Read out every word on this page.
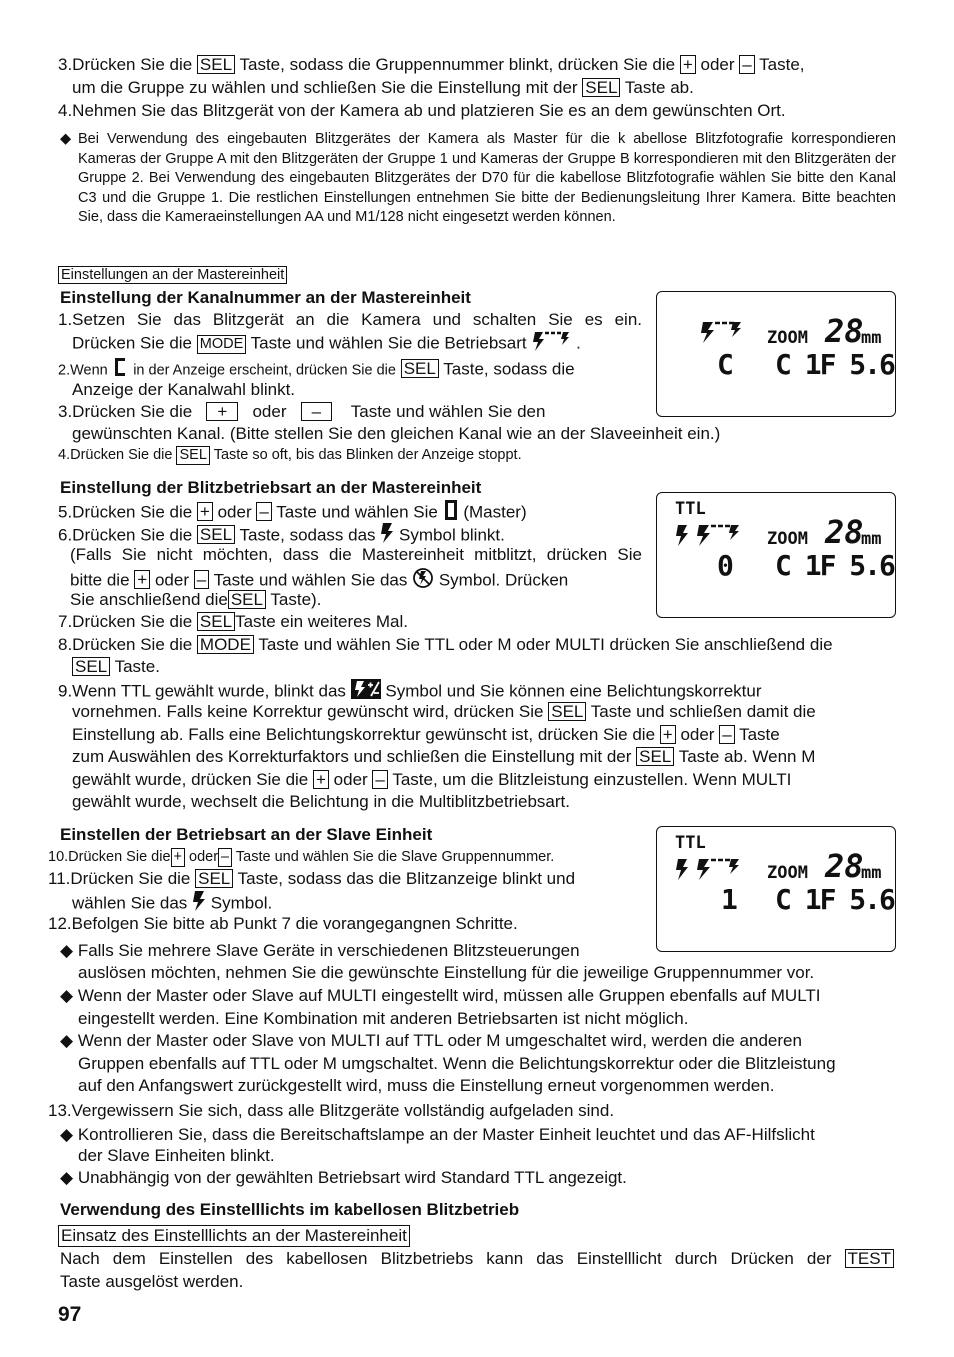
3.Drücken Sie die SEL Taste, sodass die Gruppennummer blinkt, drücken Sie die + oder – Taste,
um die Gruppe zu wählen und schließen Sie die Einstellung mit der SEL Taste ab.
4.Nehmen Sie das Blitzgerät von der Kamera ab und platzieren Sie es an dem gewünschten Ort.
◆ Bei Verwendung des eingebauten Blitzgerätes der Kamera als Master für die k abellose Blitzfotografie korrespondieren Kameras der Gruppe A mit den Blitzgeräten der Gruppe 1 und Kameras der Gruppe B korrespondieren mit den Blitzgeräten der Gruppe 2. Bei Verwendung des eingebauten Blitzgerätes der D70 für die kabellose Blitzfotografie wählen Sie bitte den Kanal C3 und die Gruppe 1. Die restlichen Einstellungen entnehmen Sie bitte der Bedienungsleitung Ihrer Kamera. Bitte beachten Sie, dass die Kameraeinstellungen AA und M1/128 nicht eingesetzt werden können.
Einstellungen an der Mastereinheit
Einstellung der Kanalnummer an der Mastereinheit
1.Setzen Sie das Blitzgerät an die Kamera und schalten Sie es ein.
Drücken Sie die MODE Taste und wählen Sie die Betriebsart	.
2.Wenn in der Anzeige erscheint, drücken Sie die SEL Taste, sodass die
Anzeige der Kanalwahl blinkt.
3.Drücken Sie die + oder – Taste und wählen Sie den
gewünschten Kanal. (Bitte stellen Sie den gleichen Kanal wie an der Slaveeinheit ein.)
4.Drücken Sie die SEL Taste so oft, bis das Blinken der Anzeige stoppt.
ZOOM 28
mm
C C 1F 5.6
Einstellung der Blitzbetriebsart an der Mastereinheit
5.Drücken Sie die + oder – Taste und wählen Sie (Master)
6.Drücken Sie die SEL Taste, sodass das Symbol blinkt.
(Falls Sie nicht möchten, dass die Mastereinheit mitblitzt, drücken Sie
bitte die + oder – Taste und wählen Sie das Symbol. Drücken
Sie anschließend die SEL Taste).
7.Drücken Sie die SEL Taste ein weiteres Mal.
8.Drücken Sie die MODE Taste und wählen Sie TTL oder M oder MULTI drücken Sie anschließend die
SEL Taste.
9.Wenn TTL gewählt wurde, blinkt das Symbol und Sie können eine Belichtungskorrektur
vornehmen. Falls keine Korrektur gewünscht wird, drücken Sie SEL Taste und schließen damit die
Einstellung ab. Falls eine Belichtungskorrektur gewünscht ist, drücken Sie die + oder – Taste
zum Auswählen des Korrekturfaktors und schließen die Einstellung mit der SEL Taste ab. Wenn M
gewählt wurde, drücken Sie die + oder – Taste, um die Blitzleistung einzustellen. Wenn MULTI
gewählt wurde, wechselt die Belichtung in die Multiblitzbetriebsart.
TTL
ZOOM 28
mm
0 C 1F 5.6
Einstellen der Betriebsart an der Slave Einheit
10.Drücken Sie die + oder – Taste und wählen Sie die Slave Gruppennummer.
11.Drücken Sie die SEL Taste, sodass das die Blitzanzeige blinkt und
wählen Sie das Symbol.
12.Befolgen Sie bitte ab Punkt 7 die vorangegangnen Schritte.
◆ Falls Sie mehrere Slave Geräte in verschiedenen Blitzsteuerungen
auslösen möchten, nehmen Sie die gewünschte Einstellung für die jeweilige Gruppennummer vor.
◆ Wenn der Master oder Slave auf MULTI eingestellt wird, müssen alle Gruppen ebenfalls auf MULTI
eingestellt werden. Eine Kombination mit anderen Betriebsarten ist nicht möglich.
◆ Wenn der Master oder Slave von MULTI auf TTL oder M umgeschaltet wird, werden die anderen
Gruppen ebenfalls auf TTL oder M umgschaltet. Wenn die Belichtungskorrektur oder die Blitzleistung
auf den Anfangswert zurückgestellt wird, muss die Einstellung erneut vorgenommen werden.
13.Vergewissern Sie sich, dass alle Blitzgeräte vollständig aufgeladen sind.
◆ Kontrollieren Sie, dass die Bereitschaftslampe an der Master Einheit leuchtet und das AF-Hilfslicht
der Slave Einheiten blinkt.
◆ Unabhängig von der gewählten Betriebsart wird Standard TTL angezeigt.
TTL
ZOOM 28
mm
1 C 1F 5.6
Verwendung des Einstelllichts im kabellosen Blitzbetrieb
Einsatz des Einstelllichts an der Mastereinheit
Nach dem Einstellen des kabellosen Blitzbetriebs kann das Einstelllicht durch Drücken der TEST
Taste ausgelöst werden.
97
